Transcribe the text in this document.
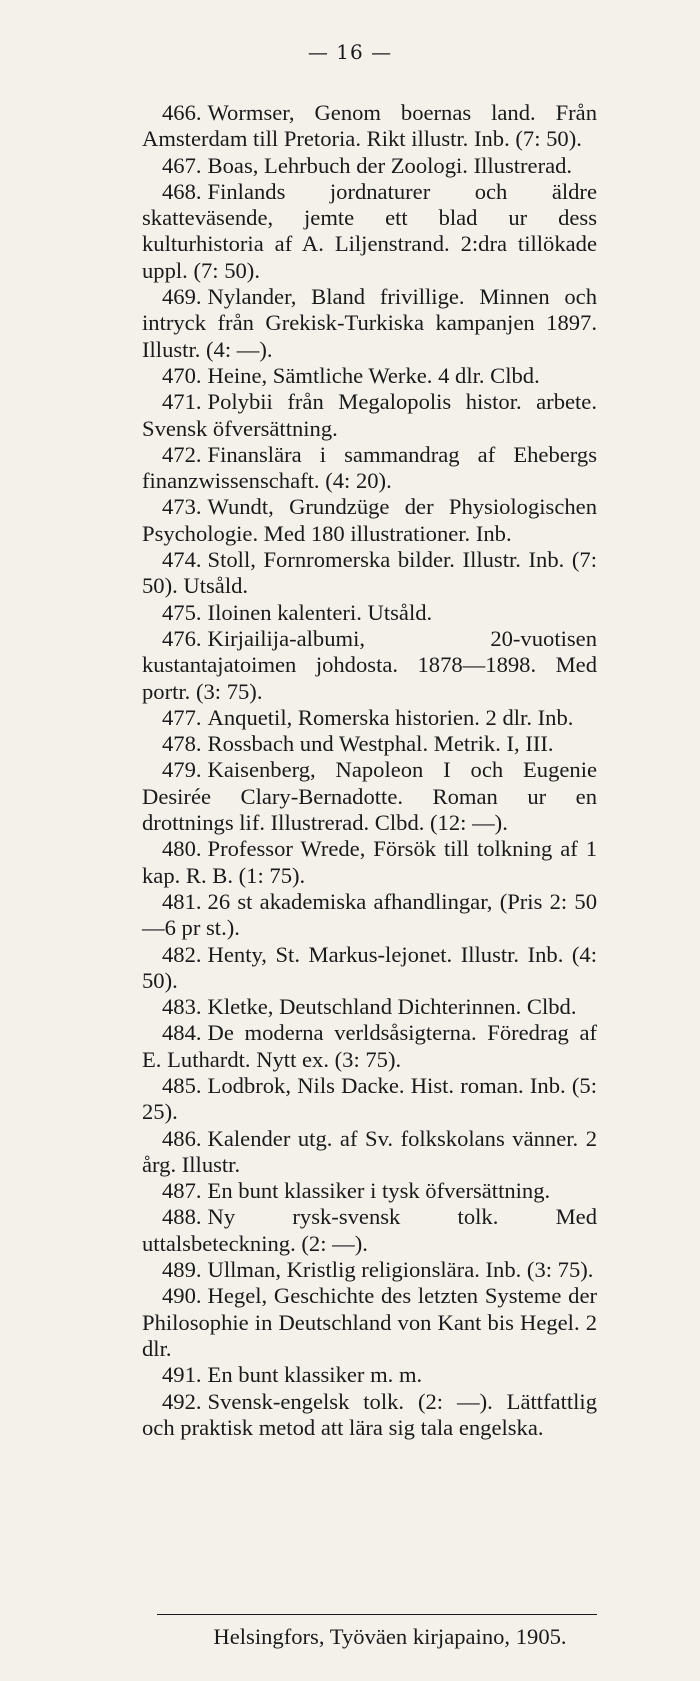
— 16 —

466. Wormser, Genom boernas land. Från Amsterdam till Pretoria. Rikt illustr. Inb. (7: 50).

467. Boas, Lehrbuch der Zoologi. Illustrerad.

468. Finlands jordnaturer och äldre skatteväsende, jemte ett blad ur dess kulturhistoria af A. Liljenstrand. 2:dra tillökade uppl. (7: 50).

469. Nylander, Bland frivillige. Minnen och intryck från Grekisk-Turkiska kampanjen 1897. Illustr. (4: —).

470. Heine, Sämtliche Werke. 4 dlr. Clbd.

471. Polybii från Megalopolis histor. arbete. Svensk öfversättning.

472. Finanslära i sammandrag af Ehebergs finanzwissenschaft. (4: 20).

473. Wundt, Grundzüge der Physiologischen Psychologie. Med 180 illustrationer. Inb.

474. Stoll, Fornromerska bilder. Illustr. Inb. (7: 50). Utsåld.

475. Iloinen kalenteri. Utsåld.

476. Kirjailija-albumi, 20-vuotisen kustantajatoimen johdosta. 1878—1898. Med portr. (3: 75).

477. Anquetil, Romerska historien. 2 dlr. Inb.

478. Rossbach und Westphal. Metrik. I, III.

479. Kaisenberg, Napoleon I och Eugenie Desirée Clary-Bernadotte. Roman ur en drottnings lif. Illustrerad. Clbd. (12: —).

480. Professor Wrede, Försök till tolkning af 1 kap. R. B. (1: 75).

481. 26 st akademiska afhandlingar, (Pris 2: 50—6 pr st.).

482. Henty, St. Markus-lejonet. Illustr. Inb. (4: 50).

483. Kletke, Deutschland Dichterinnen. Clbd.

484. De moderna verldsåsigterna. Föredrag af E. Luthardt. Nytt ex. (3: 75).

485. Lodbrok, Nils Dacke. Hist. roman. Inb. (5: 25).

486. Kalender utg. af Sv. folkskolans vänner. 2 årg. Illustr.

487. En bunt klassiker i tysk öfversättning.

488. Ny rysk-svensk tolk. Med uttalsbeteckning. (2: —).

489. Ullman, Kristlig religionslära. Inb. (3: 75).

490. Hegel, Geschichte des letzten Systeme der Philosophie in Deutschland von Kant bis Hegel. 2 dlr.

491. En bunt klassiker m. m.

492. Svensk-engelsk tolk. (2: —). Lättfattlig och praktisk metod att lära sig tala engelska.

Helsingfors, Työväen kirjapaino, 1905.
